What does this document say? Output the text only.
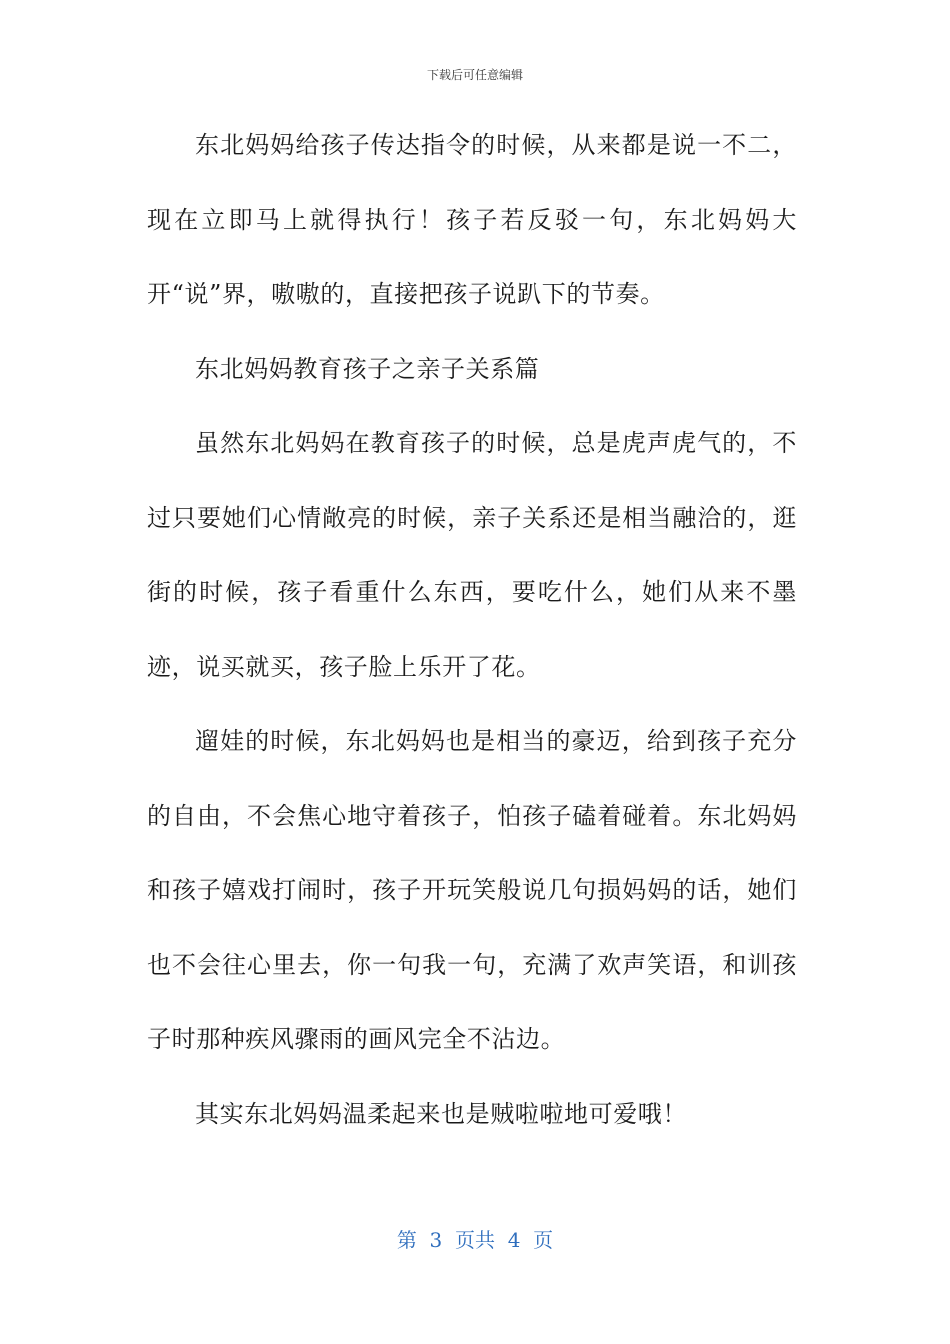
下载后可任意编辑

东北妈妈给孩子传达指令的时候，从来都是说一不二，现在立即马上就得执行！孩子若反驳一句，东北妈妈大开“说”界，嗷嗷的，直接把孩子说趴下的节奏。

东北妈妈教育孩子之亲子关系篇

虽然东北妈妈在教育孩子的时候，总是虎声虎气的，不过只要她们心情敞亮的时候，亲子关系还是相当融洽的，逛街的时候，孩子看重什么东西，要吃什么，她们从来不墨迹，说买就买，孩子脸上乐开了花。

遛娃的时候，东北妈妈也是相当的豪迈，给到孩子充分的自由，不会焦心地守着孩子，怕孩子磕着碰着。东北妈妈和孩子嬉戏打闹时，孩子开玩笑般说几句损妈妈的话，她们也不会往心里去，你一句我一句，充满了欢声笑语，和训孩子时那种疾风骤雨的画风完全不沾边。

其实东北妈妈温柔起来也是贼啦啦地可爱哦！

第  3  页共  4  页
